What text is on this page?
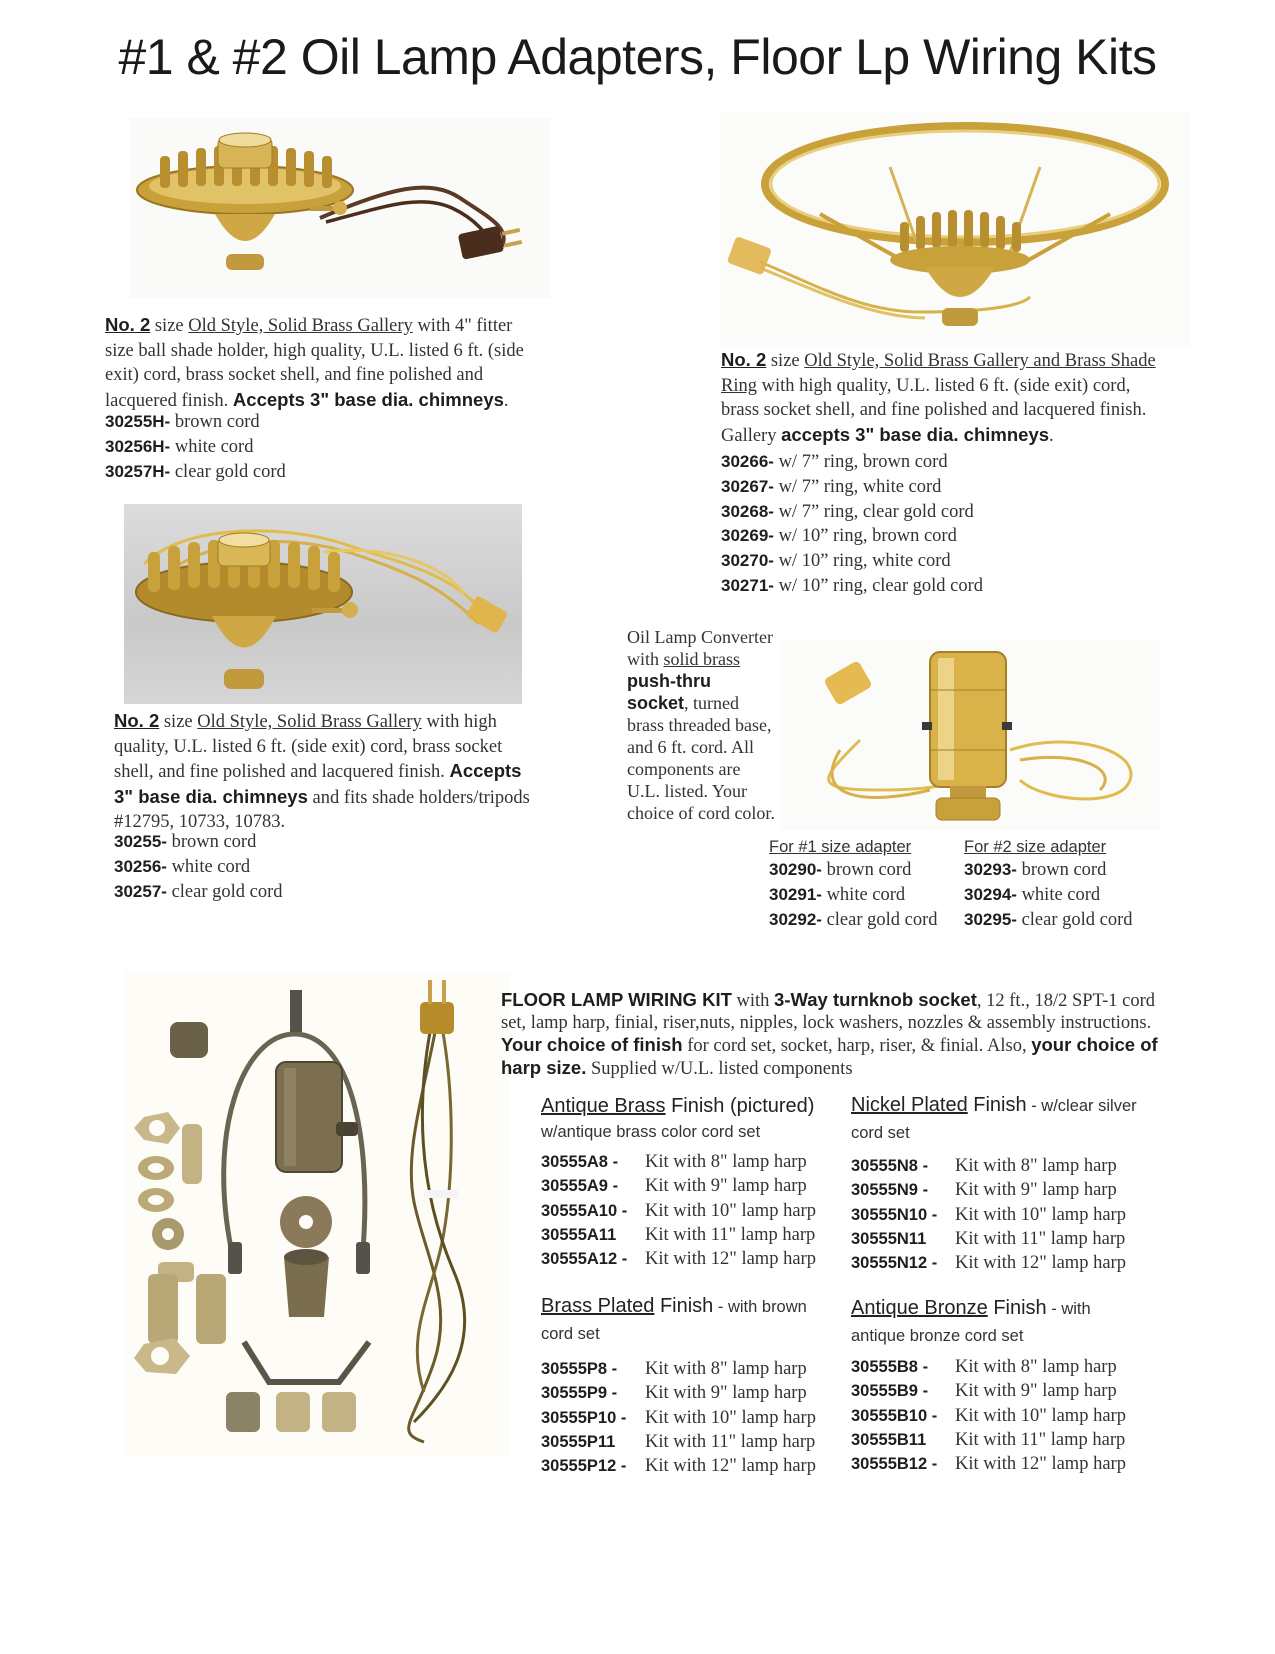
#1 & #2 Oil Lamp Adapters, Floor Lp Wiring Kits
No. 2 size Old Style, Solid Brass Gallery with 4" fitter size ball shade holder, high quality, U.L. listed 6 ft. (side exit) cord, brass socket shell, and fine polished and lacquered finish. Accepts 3" base dia. chimneys.
30255H- brown cord
30256H- white cord
30257H- clear gold cord
No. 2 size Old Style, Solid Brass Gallery and Brass Shade Ring with high quality, U.L. listed 6 ft. (side exit) cord, brass socket shell, and fine polished and lacquered finish. Gallery accepts 3" base dia. chimneys.
30266- w/ 7” ring, brown cord
30267- w/ 7” ring, white cord
30268- w/ 7” ring, clear gold cord
30269- w/ 10” ring, brown cord
30270- w/ 10” ring, white cord
30271- w/ 10” ring, clear gold cord
No. 2 size Old Style, Solid Brass Gallery with high quality, U.L. listed 6 ft. (side exit) cord, brass socket shell, and fine polished and lacquered finish. Accepts 3" base dia. chimneys and fits shade holders/tripods #12795, 10733, 10783.
30255- brown cord
30256- white cord
30257- clear gold cord
Oil Lamp Converter with solid brass push-thru socket, turned brass threaded base, and 6 ft. cord. All components are U.L. listed. Your choice of cord color.
For #1 size adapter
30290- brown cord
30291- white cord
30292- clear gold cord
For #2 size adapter
30293- brown cord
30294- white cord
30295- clear gold cord
FLOOR LAMP WIRING KIT with 3-Way turnknob socket, 12 ft., 18/2 SPT-1 cord set, lamp harp, finial, riser,nuts, nipples, lock washers, nozzles & assembly instructions. Your choice of finish for cord set, socket, harp, riser, & finial. Also, your choice of harp size. Supplied w/U.L. listed components
Antique Brass Finish (pictured)
w/antique brass color cord set
30555A8 - Kit with 8" lamp harp
30555A9 - Kit with 9" lamp harp
30555A10 - Kit with 10" lamp harp
30555A11 Kit with 11" lamp harp
30555A12 - Kit with 12" lamp harp
Nickel Plated Finish - w/clear silver cord set
30555N8 - Kit with 8" lamp harp
30555N9 - Kit with 9" lamp harp
30555N10 - Kit with 10" lamp harp
30555N11 Kit with 11" lamp harp
30555N12 - Kit with 12" lamp harp
Brass Plated Finish - with brown cord set
30555P8 - Kit with 8" lamp harp
30555P9 - Kit with 9" lamp harp
30555P10 - Kit with 10" lamp harp
30555P11 Kit with 11" lamp harp
30555P12 - Kit with 12" lamp harp
Antique Bronze Finish - with antique bronze cord set
30555B8 - Kit with 8" lamp harp
30555B9 - Kit with 9" lamp harp
30555B10 - Kit with 10" lamp harp
30555B11 Kit with 11" lamp harp
30555B12 - Kit with 12" lamp harp
